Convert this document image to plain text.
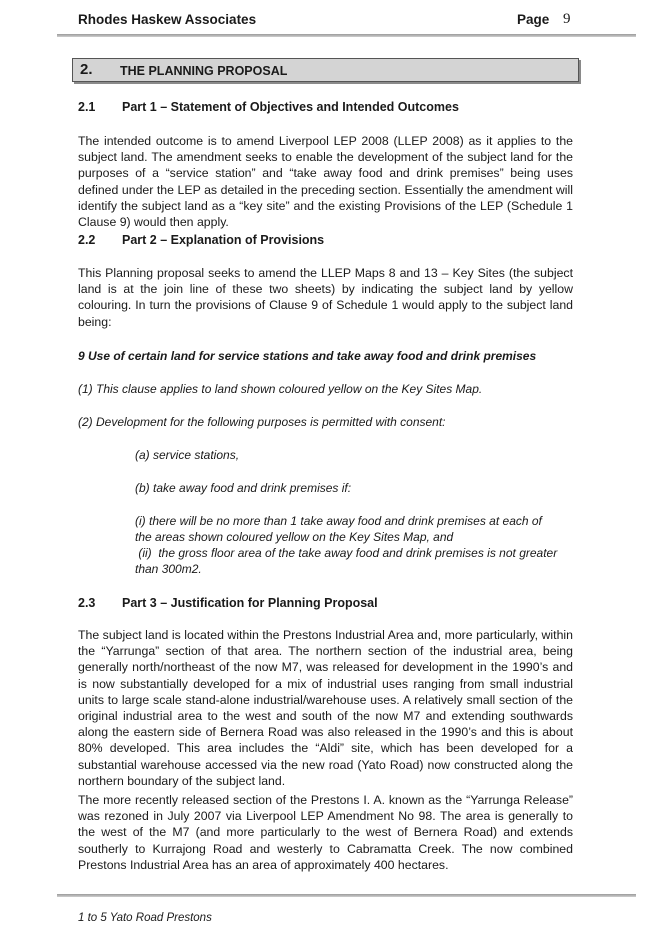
Rhodes Haskew Associates	Page 9
2. THE PLANNING PROPOSAL
2.1 Part 1 – Statement of Objectives and Intended Outcomes

The intended outcome is to amend Liverpool LEP 2008 (LLEP 2008) as it applies to the subject land. The amendment seeks to enable the development of the subject land for the purposes of a “service station” and “take away food and drink premises” being uses defined under the LEP as detailed in the preceding section. Essentially the amendment will identify the subject land as a “key site” and the existing Provisions of the LEP (Schedule 1 Clause 9) would then apply.

2.2 Part 2 – Explanation of Provisions

This Planning proposal seeks to amend the LLEP Maps 8 and 13 – Key Sites (the subject land is at the join line of these two sheets) by indicating the subject land by yellow colouring. In turn the provisions of Clause 9 of Schedule 1 would apply to the subject land being:

9 Use of certain land for service stations and take away food and drink premises

(1) This clause applies to land shown coloured yellow on the Key Sites Map.

(2) Development for the following purposes is permitted with consent:

(a) service stations,

(b) take away food and drink premises if:

(i) there will be no more than 1 take away food and drink premises at each of the areas shown coloured yellow on the Key Sites Map, and

(ii)  the gross floor area of the take away food and drink premises is not greater

than 300m2.

2.3 Part 3 – Justification for Planning Proposal

The subject land is located within the Prestons Industrial Area and, more particularly, within the “Yarrunga” section of that area. The northern section of the industrial area, being generally north/northeast of the now M7, was released for development in the 1990’s and is now substantially developed for a mix of industrial uses ranging from small industrial units to large scale stand-alone industrial/warehouse uses. A relatively small section of the original industrial area to the west and south of the now M7 and extending southwards along the eastern side of Bernera Road was also released in the 1990’s and this is about 80% developed. This area includes the “Aldi” site, which has been developed for a substantial warehouse accessed via the new road (Yato Road) now constructed along the northern boundary of the subject land.

The more recently released section of the Prestons I. A. known as the “Yarrunga Release” was rezoned in July 2007 via Liverpool LEP Amendment No 98. The area is generally to the west of the M7 (and more particularly to the west of Bernera Road) and extends southerly to Kurrajong Road and westerly to Cabramatta Creek. The now combined Prestons Industrial Area has an area of approximately 400 hectares.

1 to 5 Yato Road Prestons
